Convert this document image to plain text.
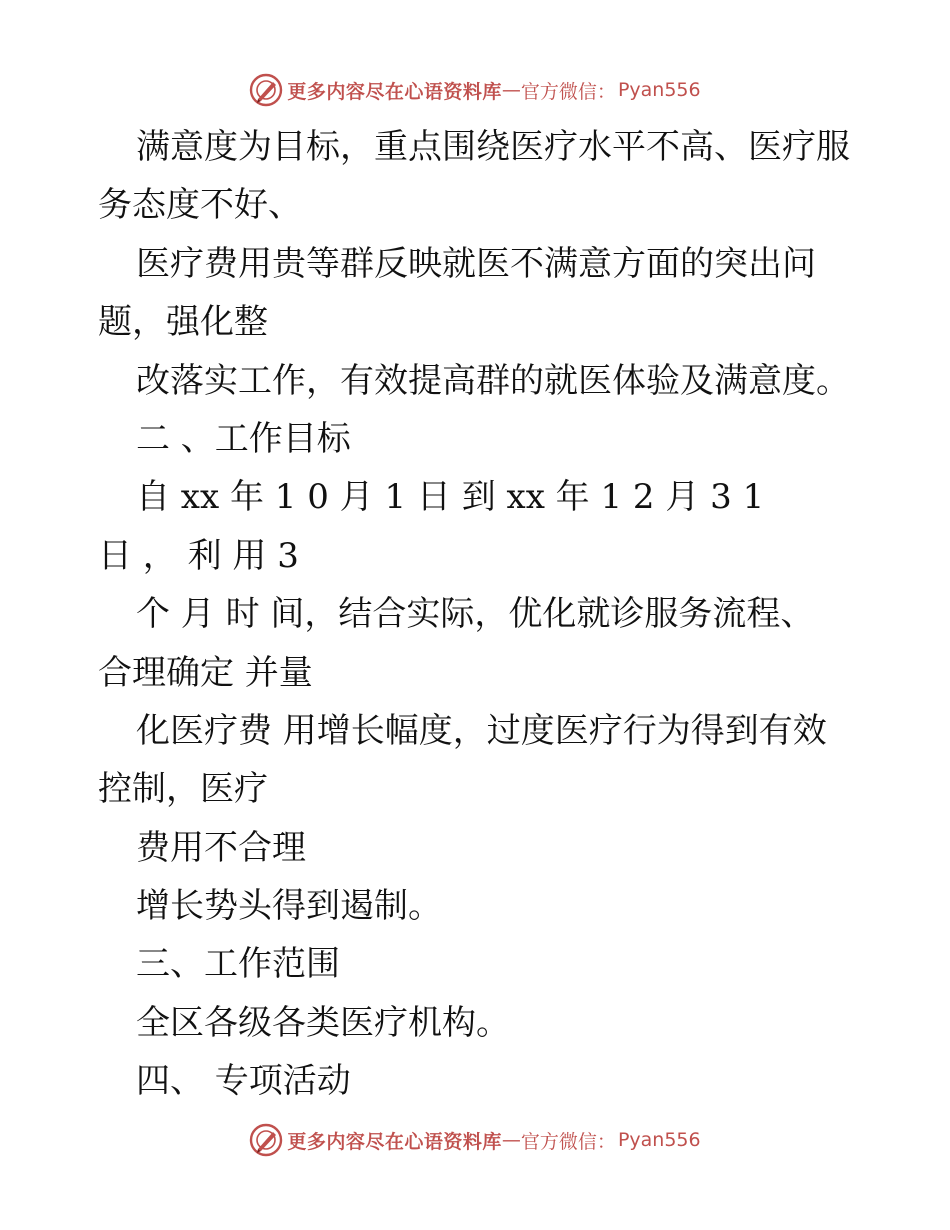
更多内容尽在心语资料库 — 官方微信： Pyan556
满意度为目标，重点围绕医疗水平不高、医疗服
务态度不好、
医疗费用贵等群反映就医不满意方面的突出问
题，强化整
改落实工作，有效提高群的就医体验及满意度。
二 、工作目标
自 xx 年 1 0 月 1 日 到 xx 年 1 2 月 3 1
日 ， 利 用 3
个 月 时 间，结合实际，优化就诊服务流程、
合理确定 并量
化医疗费 用增长幅度，过度医疗行为得到有效
控制，医疗
费用不合理
增长势头得到遏制。
三、工作范围
全区各级各类医疗机构。
四、 专项活动
更多内容尽在心语资料库 — 官方微信： Pyan556
